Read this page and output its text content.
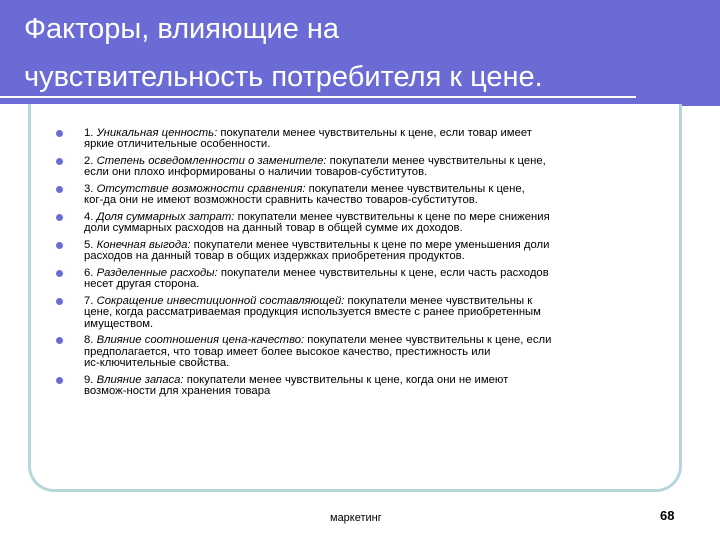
Факторы, влияющие на
чувствительность потребителя к цене.
1. Уникальная ценность: покупатели менее чувствительны к цене, если товар имеет
яркие отличительные особенности.
2. Степень осведомленности о заменителе: покупатели менее чувствительны к цене,
если они плохо информированы о наличии товаров-субститутов.
3. Отсутствие возможности сравнения: покупатели менее чувствительны к цене,
ког-да они не имеют возможности сравнить качество товаров-субститутов.
4. Доля суммарных затрат: покупатели менее чувствительны к цене по мере снижения
доли суммарных расходов на данный товар в общей сумме их доходов.
5. Конечная выгода: покупатели менее чувствительны к цене по мере уменьшения доли
расходов на данный товар в общих издержках приобретения продуктов.
6. Разделенные расходы: покупатели менее чувствительны к цене, если часть расходов
несет другая сторона.
7. Сокращение инвестиционной составляющей: покупатели менее чувствительны к
цене, когда рассматриваемая продукция используется вместе с ранее приобретенным
имуществом.
8. Влияние соотношения цена-качество: покупатели менее чувствительны к цене, если
предполагается, что товар имеет более высокое качество, престижность или
ис-ключительные свойства.
9. Влияние запаса: покупатели менее чувствительны к цене, когда они не имеют
возмож-ности для хранения товара
маркетинг	68
